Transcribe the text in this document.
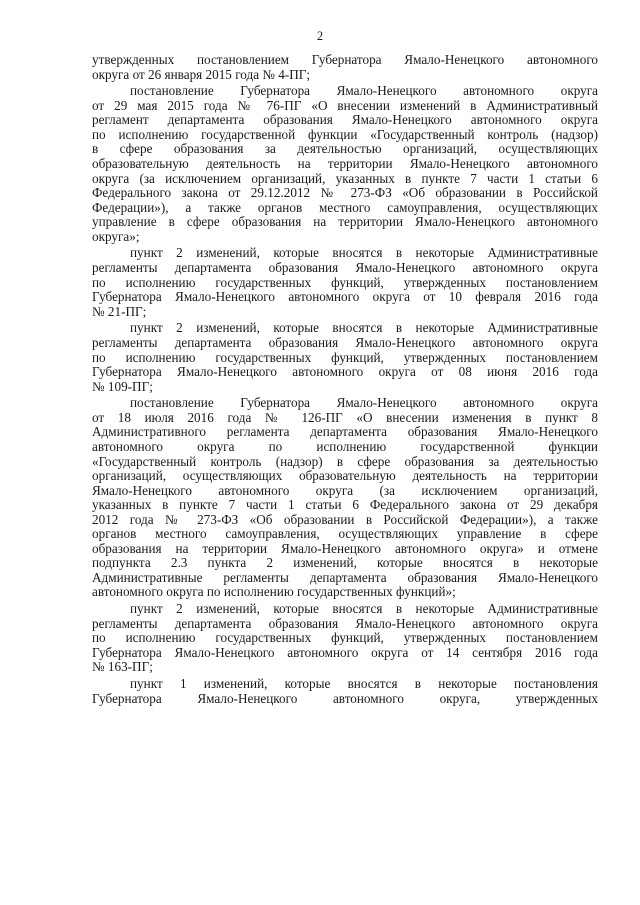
2
утвержденных постановлением Губернатора Ямало-Ненецкого автономного
округа от 26 января 2015 года № 4-ПГ;
постановление Губернатора Ямало-Ненецкого автономного округа
от 29 мая 2015 года № 76-ПГ «О внесении изменений в Административный
регламент департамента образования Ямало-Ненецкого автономного округа
по исполнению государственной функции «Государственный контроль (надзор)
в сфере образования за деятельностью организаций, осуществляющих
образовательную деятельность на территории Ямало-Ненецкого автономного
округа (за исключением организаций, указанных в пункте 7 части 1 статьи 6
Федерального закона от 29.12.2012 № 273-ФЗ «Об образовании в Российской
Федерации»), а также органов местного самоуправления, осуществляющих
управление в сфере образования на территории Ямало-Ненецкого автономного
округа»;
пункт 2 изменений, которые вносятся в некоторые Административные
регламенты департамента образования Ямало-Ненецкого автономного округа
по исполнению государственных функций, утвержденных постановлением
Губернатора Ямало-Ненецкого автономного округа от 10 февраля 2016 года
№ 21-ПГ;
пункт 2 изменений, которые вносятся в некоторые Административные
регламенты департамента образования Ямало-Ненецкого автономного округа
по исполнению государственных функций, утвержденных постановлением
Губернатора Ямало-Ненецкого автономного округа от 08 июня 2016 года
№ 109-ПГ;
постановление Губернатора Ямало-Ненецкого автономного округа
от 18 июля 2016 года № 126-ПГ «О внесении изменения в пункт 8
Административного регламента департамента образования Ямало-Ненецкого
автономного округа по исполнению государственной функции
«Государственный контроль (надзор) в сфере образования за деятельностью
организаций, осуществляющих образовательную деятельность на территории
Ямало-Ненецкого автономного округа (за исключением организаций,
указанных в пункте 7 части 1 статьи 6 Федерального закона от 29 декабря
2012 года № 273-ФЗ «Об образовании в Российской Федерации»), а также
органов местного самоуправления, осуществляющих управление в сфере
образования на территории Ямало-Ненецкого автономного округа» и отмене
подпункта 2.3 пункта 2 изменений, которые вносятся в некоторые
Административные регламенты департамента образования Ямало-Ненецкого
автономного округа по исполнению государственных функций»;
пункт 2 изменений, которые вносятся в некоторые Административные
регламенты департамента образования Ямало-Ненецкого автономного округа
по исполнению государственных функций, утвержденных постановлением
Губернатора Ямало-Ненецкого автономного округа от 14 сентября 2016 года
№ 163-ПГ;
пункт 1 изменений, которые вносятся в некоторые постановления
Губернатора Ямало-Ненецкого автономного округа, утвержденных
